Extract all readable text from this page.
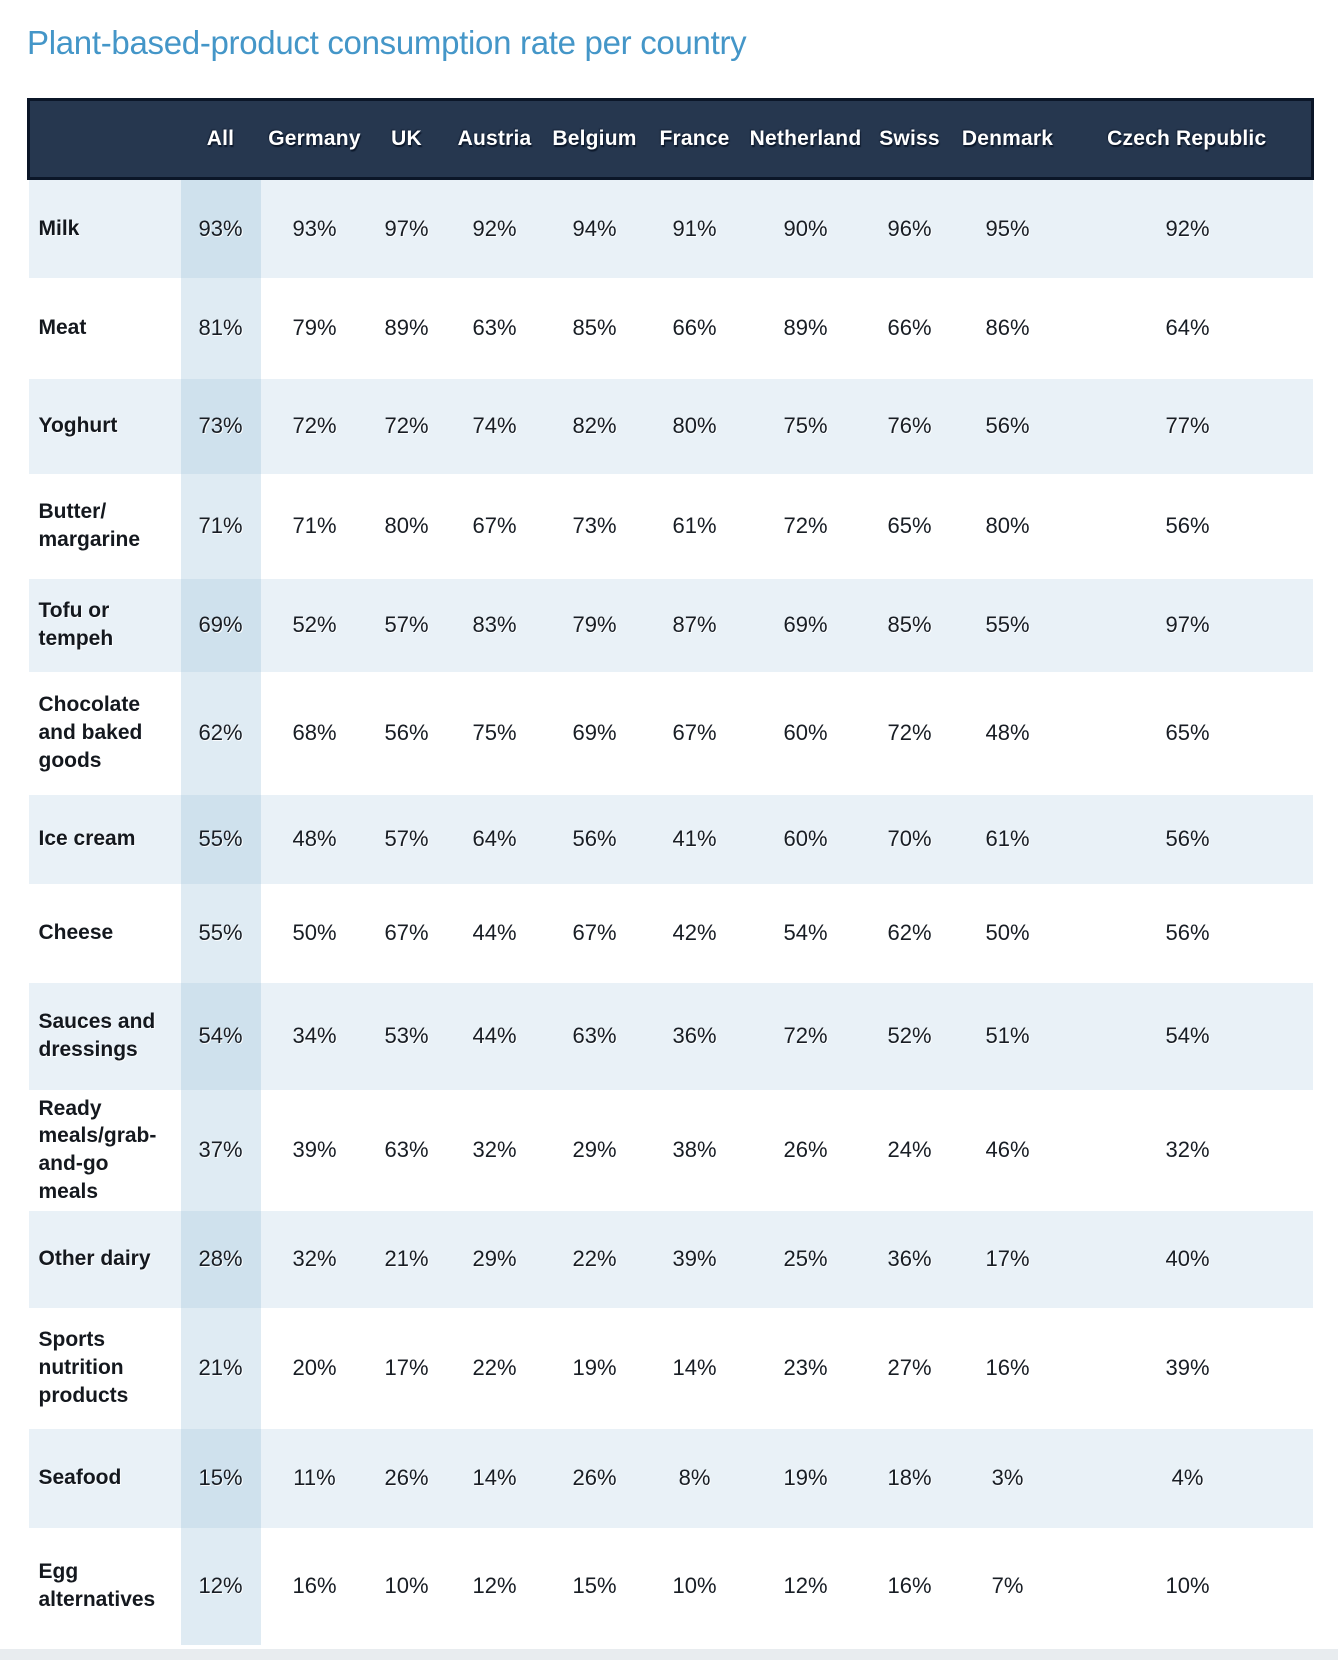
Plant-based-product consumption rate per country
	All	Germany	UK	Austria	Belgium	France	Netherland	Swiss	Denmark	Czech Republic
Milk	93%	93%	97%	92%	94%	91%	90%	96%	95%	92%
Meat	81%	79%	89%	63%	85%	66%	89%	66%	86%	64%
Yoghurt	73%	72%	72%	74%	82%	80%	75%	76%	56%	77%
Butter/​margarine	71%	71%	80%	67%	73%	61%	72%	65%	80%	56%
Tofu or tempeh	69%	52%	57%	83%	79%	87%	69%	85%	55%	97%
Chocolate and baked goods	62%	68%	56%	75%	69%	67%	60%	72%	48%	65%
Ice cream	55%	48%	57%	64%	56%	41%	60%	70%	61%	56%
Cheese	55%	50%	67%	44%	67%	42%	54%	62%	50%	56%
Sauces and dressings	54%	34%	53%	44%	63%	36%	72%	52%	51%	54%
Ready meals/​grab-and-go meals	37%	39%	63%	32%	29%	38%	26%	24%	46%	32%
Other dairy	28%	32%	21%	29%	22%	39%	25%	36%	17%	40%
Sports nutrition products	21%	20%	17%	22%	19%	14%	23%	27%	16%	39%
Seafood	15%	11%	26%	14%	26%	8%	19%	18%	3%	4%
Egg alternatives	12%	16%	10%	12%	15%	10%	12%	16%	7%	10%
